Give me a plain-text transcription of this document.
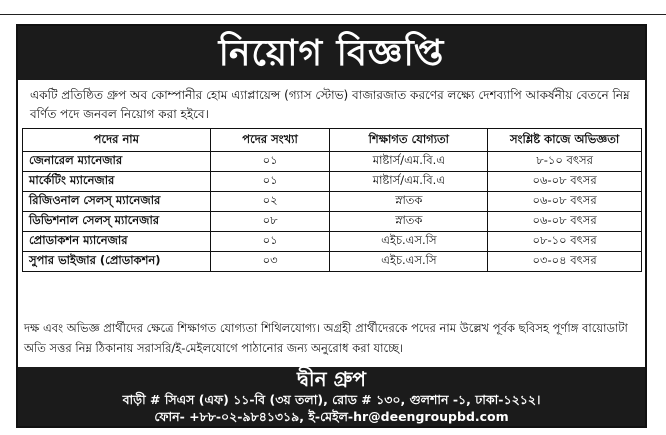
নিয়োগ বিজ্ঞপ্তি
একটি প্রতিষ্ঠিত গ্রুপ অব কোম্পানীর হোম এ্যাপ্লায়েন্স (গ্যাস স্টোভ) বাজারজাত করণের লক্ষ্যে দেশব্যাপি আকর্ষনীয় বেতনে নিম্ন বর্ণিত পদে জনবল নিয়োগ করা হইবে।
পদের নাম	পদের সংখ্যা	শিক্ষাগত যোগ্যতা	সংশ্লিষ্ট কাজে অভিজ্ঞতা
জেনারেল ম্যানেজার	০১	মাষ্টার্স/এম.বি.এ	৮-১০ বৎসর
মার্কেটিং ম্যানেজার	০১	মাষ্টার্স/এম.বি.এ	০৬-০৮ বৎসর
রিজিওনাল সেলস্ ম্যানেজার	০২	স্নাতক	০৬-০৮ বৎসর
ডিভিশনাল সেলস্ ম্যানেজার	০৮	স্নাতক	০৬-০৮ বৎসর
প্রোডাকশন ম্যানেজার	০১	এইচ.এস.সি	০৮-১০ বৎসর
সুপার ভাইজার (প্রোডাকশন)	০৩	এইচ.এস.সি	০৩-০৪ বৎসর
দক্ষ এবং অভিজ্ঞ প্রার্থীদের ক্ষেত্রে শিক্ষাগত যোগ্যতা শিথিলযোগ্য। অগ্রহী প্রার্থীদেরকে পদের নাম উল্লেখ পূর্বক ছবিসহ পূর্ণাঙ্গ বায়োডাটা অতি সত্তর নিম্ন ঠিকানায় সরাসরি/ই-মেইলযোগে পাঠানোর জন্য অনুরোধ করা যাচ্ছে।
দ্বীন গ্রুপ
বাড়ী # সিএস (এফ) ১১-বি (৩য় তলা), রোড # ১৩০, গুলশান -১, ঢাকা-১২১২।
ফোন- +৮৮-০২-৯৮৪১৩১৯, ই-মেইল-hr@deengroupbd.com
